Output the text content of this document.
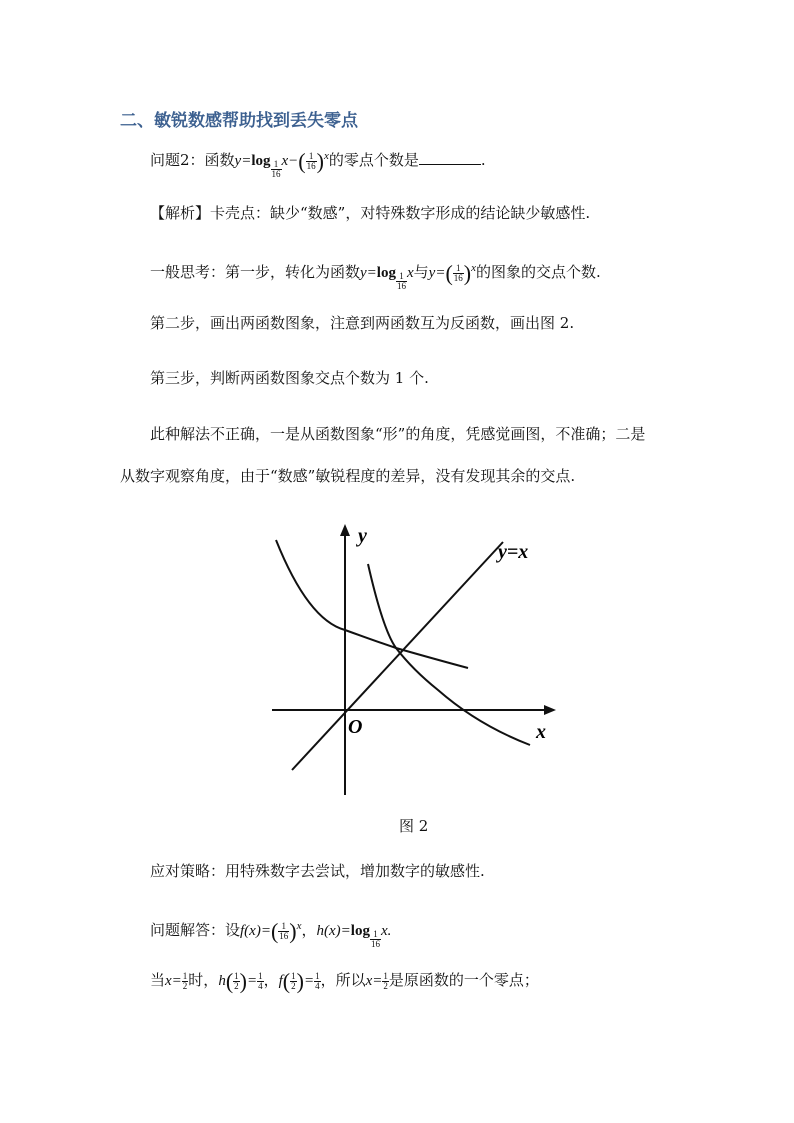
二、敏锐数感帮助找到丢失零点
问题2：函数$y=\log \frac{1}{16} x-( \frac{1}{16} )^x$的零点个数是	.
【解析】卡壳点：缺少“数感”，对特殊数字形成的结论缺少敏感性.
一般思考：第一步，转化为函数$y=\log \frac{1}{16}$ x与$y=( \frac{1}{16} )^x$的图象的交点个数.
第二步，画出两函数图象，注意到两函数互为反函数，画出图 2.
第三步，判断两函数图象交点个数为 1 个.
此种解法不正确，一是从函数图象“形”的角度，凭感觉画图，不准确；二是
从数字观察角度，由于“数感”敏锐程度的差异，没有发现其余的交点.
y
x
O
y=x
图 2
应对策略：用特殊数字去尝试，增加数字的敏感性.
问题解答：设$f(x)=( \frac{1}{16} )^x$，$h(x)=\log \frac{1}{16} x$.
当$x= \frac{1}{2}$ 时，$h( \frac{1}{2}$ )= $\frac{1}{4}$ ，$f( \frac{1}{2}$ )= $\frac{1}{4}$ ，所以$x= \frac{1}{2}$ 是原函数的一个零点；
